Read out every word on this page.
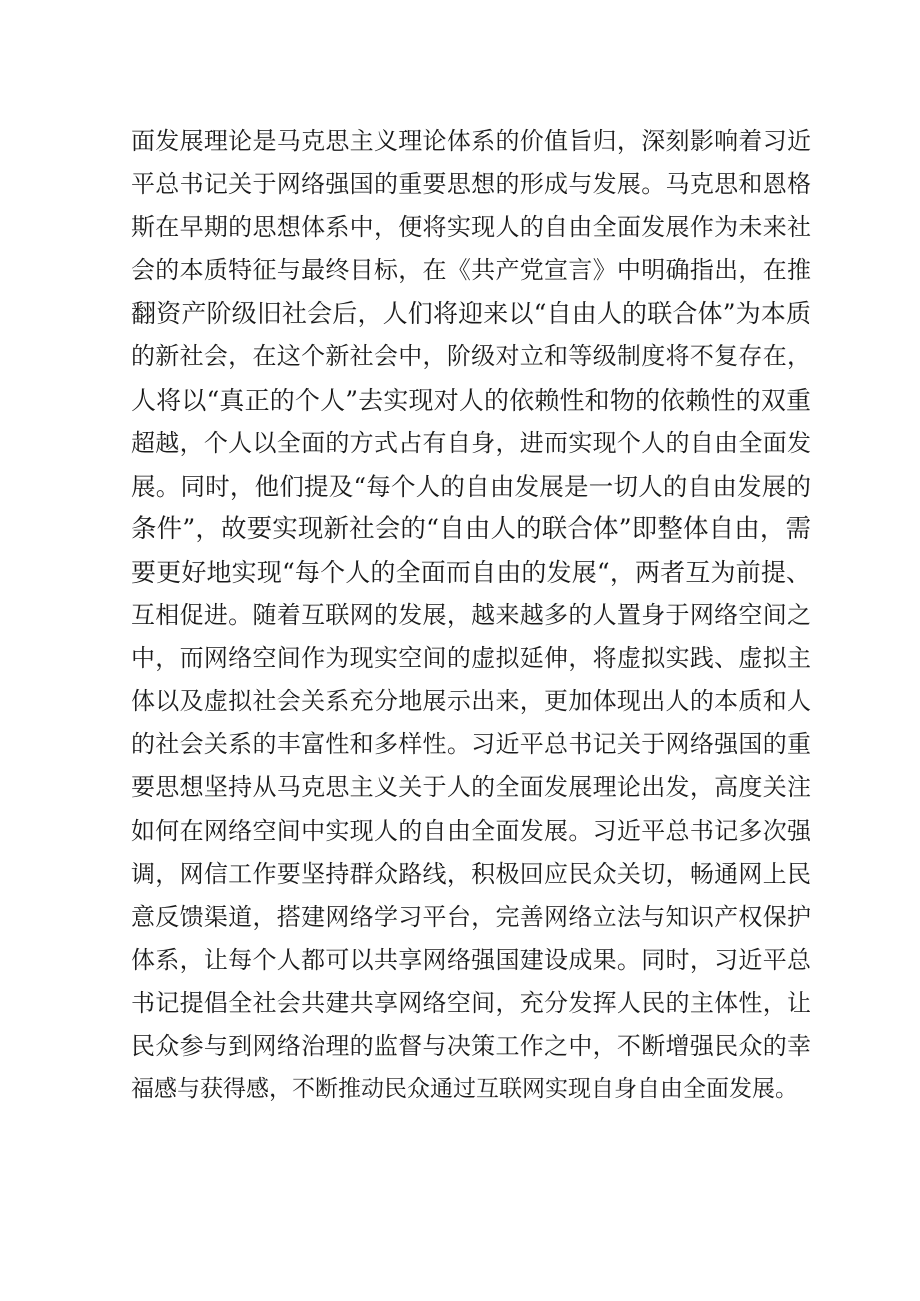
面发展理论是马克思主义理论体系的价值旨归，深刻影响着习近
平总书记关于网络强国的重要思想的形成与发展。马克思和恩格
斯在早期的思想体系中，便将实现人的自由全面发展作为未来社
会的本质特征与最终目标，在《共产党宣言》中明确指出，在推
翻资产阶级旧社会后，人们将迎来以“自由人的联合体”为本质
的新社会，在这个新社会中，阶级对立和等级制度将不复存在，
人将以“真正的个人”去实现对人的依赖性和物的依赖性的双重
超越，个人以全面的方式占有自身，进而实现个人的自由全面发
展。同时，他们提及“每个人的自由发展是一切人的自由发展的
条件”，故要实现新社会的“自由人的联合体”即整体自由，需
要更好地实现“每个人的全面而自由的发展“，两者互为前提、
互相促进。随着互联网的发展，越来越多的人置身于网络空间之
中，而网络空间作为现实空间的虚拟延伸，将虚拟实践、虚拟主
体以及虚拟社会关系充分地展示出来，更加体现出人的本质和人
的社会关系的丰富性和多样性。习近平总书记关于网络强国的重
要思想坚持从马克思主义关于人的全面发展理论出发，高度关注
如何在网络空间中实现人的自由全面发展。习近平总书记多次强
调，网信工作要坚持群众路线，积极回应民众关切，畅通网上民
意反馈渠道，搭建网络学习平台，完善网络立法与知识产权保护
体系，让每个人都可以共享网络强国建设成果。同时，习近平总
书记提倡全社会共建共享网络空间，充分发挥人民的主体性，让
民众参与到网络治理的监督与决策工作之中，不断增强民众的幸
福感与获得感，不断推动民众通过互联网实现自身自由全面发展。
